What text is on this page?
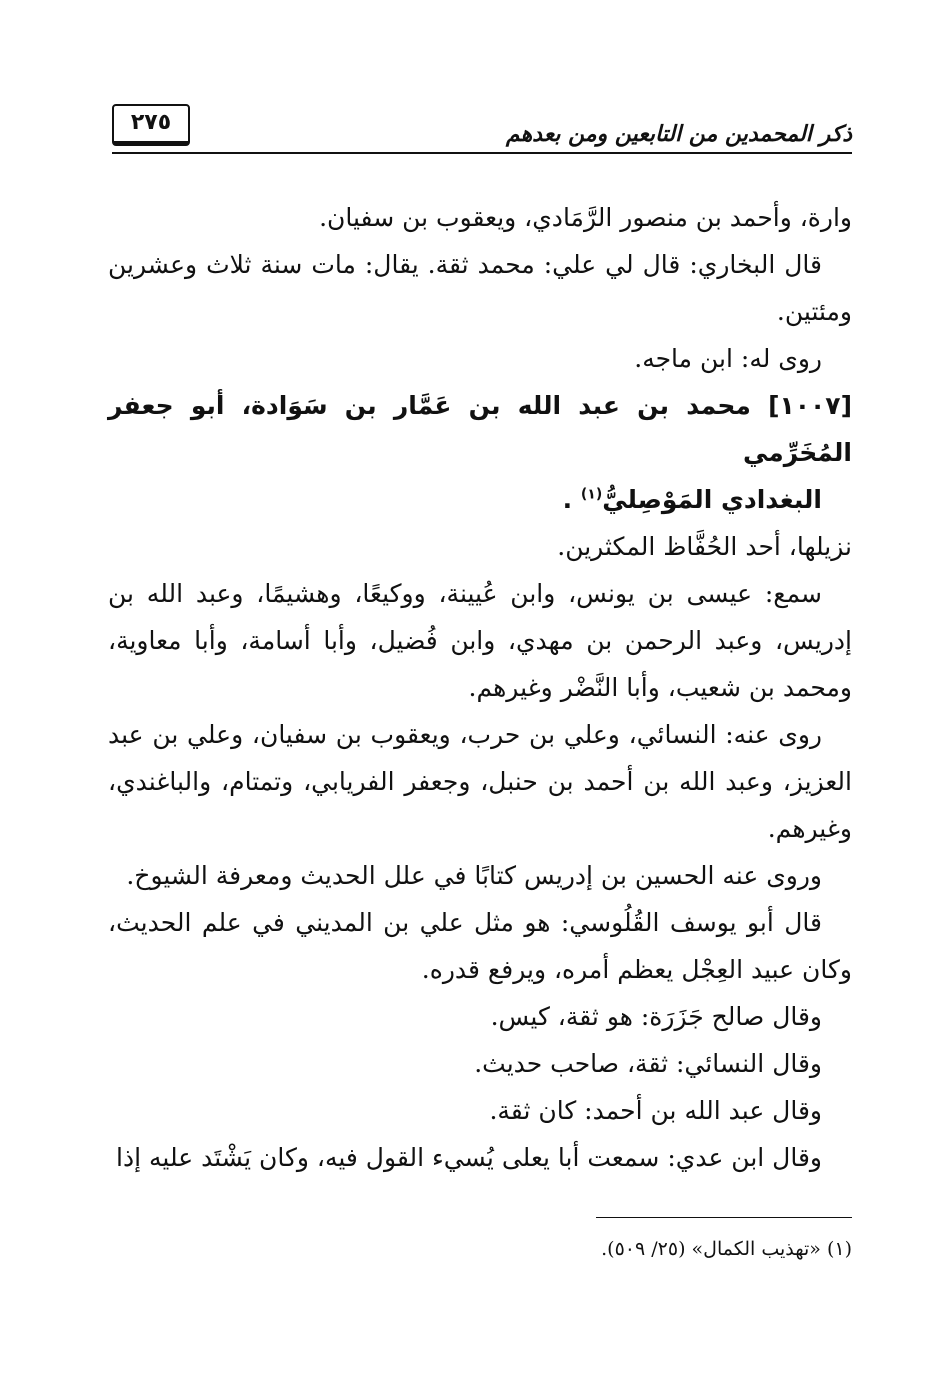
٢٧٥	ذكر المحمدين من التابعين ومن بعدهم

وارة، وأحمد بن منصور الرَّمَادي، ويعقوب بن سفيان.

قال البخاري: قال لي علي: محمد ثقة. يقال: مات سنة ثلاث وعشرين ومئتين.

روى له: ابن ماجه.

[١٠٠٧] محمد بن عبد الله بن عَمَّار بن سَوَادة، أبو جعفر المُخَرِّمي
البغدادي المَوْصِليُّ$^{(١)}$ .

نزيلها، أحد الحُفَّاظ المكثرين.

سمع: عيسى بن يونس، وابن عُيينة، ووكيعًا، وهشيمًا، وعبد الله بن إدريس، وعبد الرحمن بن مهدي، وابن فُضيل، وأبا أسامة، وأبا معاوية، ومحمد بن شعيب، وأبا النَّضْر وغيرهم.

روى عنه: النسائي، وعلي بن حرب، ويعقوب بن سفيان، وعلي بن عبد العزيز، وعبد الله بن أحمد بن حنبل، وجعفر الفريابي، وتمتام، والباغندي، وغيرهم.

وروى عنه الحسين بن إدريس كتابًا في علل الحديث ومعرفة الشيوخ.

قال أبو يوسف القُلُوسي: هو مثل علي بن المديني في علم الحديث، وكان عبيد العِجْل يعظم أمره، ويرفع قدره.

وقال صالح جَزَرَة: هو ثقة، كيس.

وقال النسائي: ثقة، صاحب حديث.

وقال عبد الله بن أحمد: كان ثقة.

وقال ابن عدي: سمعت أبا يعلى يُسيء القول فيه، وكان يَشْتَد عليه إذا

(١) «تهذيب الكمال» (٢٥/ ٥٠٩).
